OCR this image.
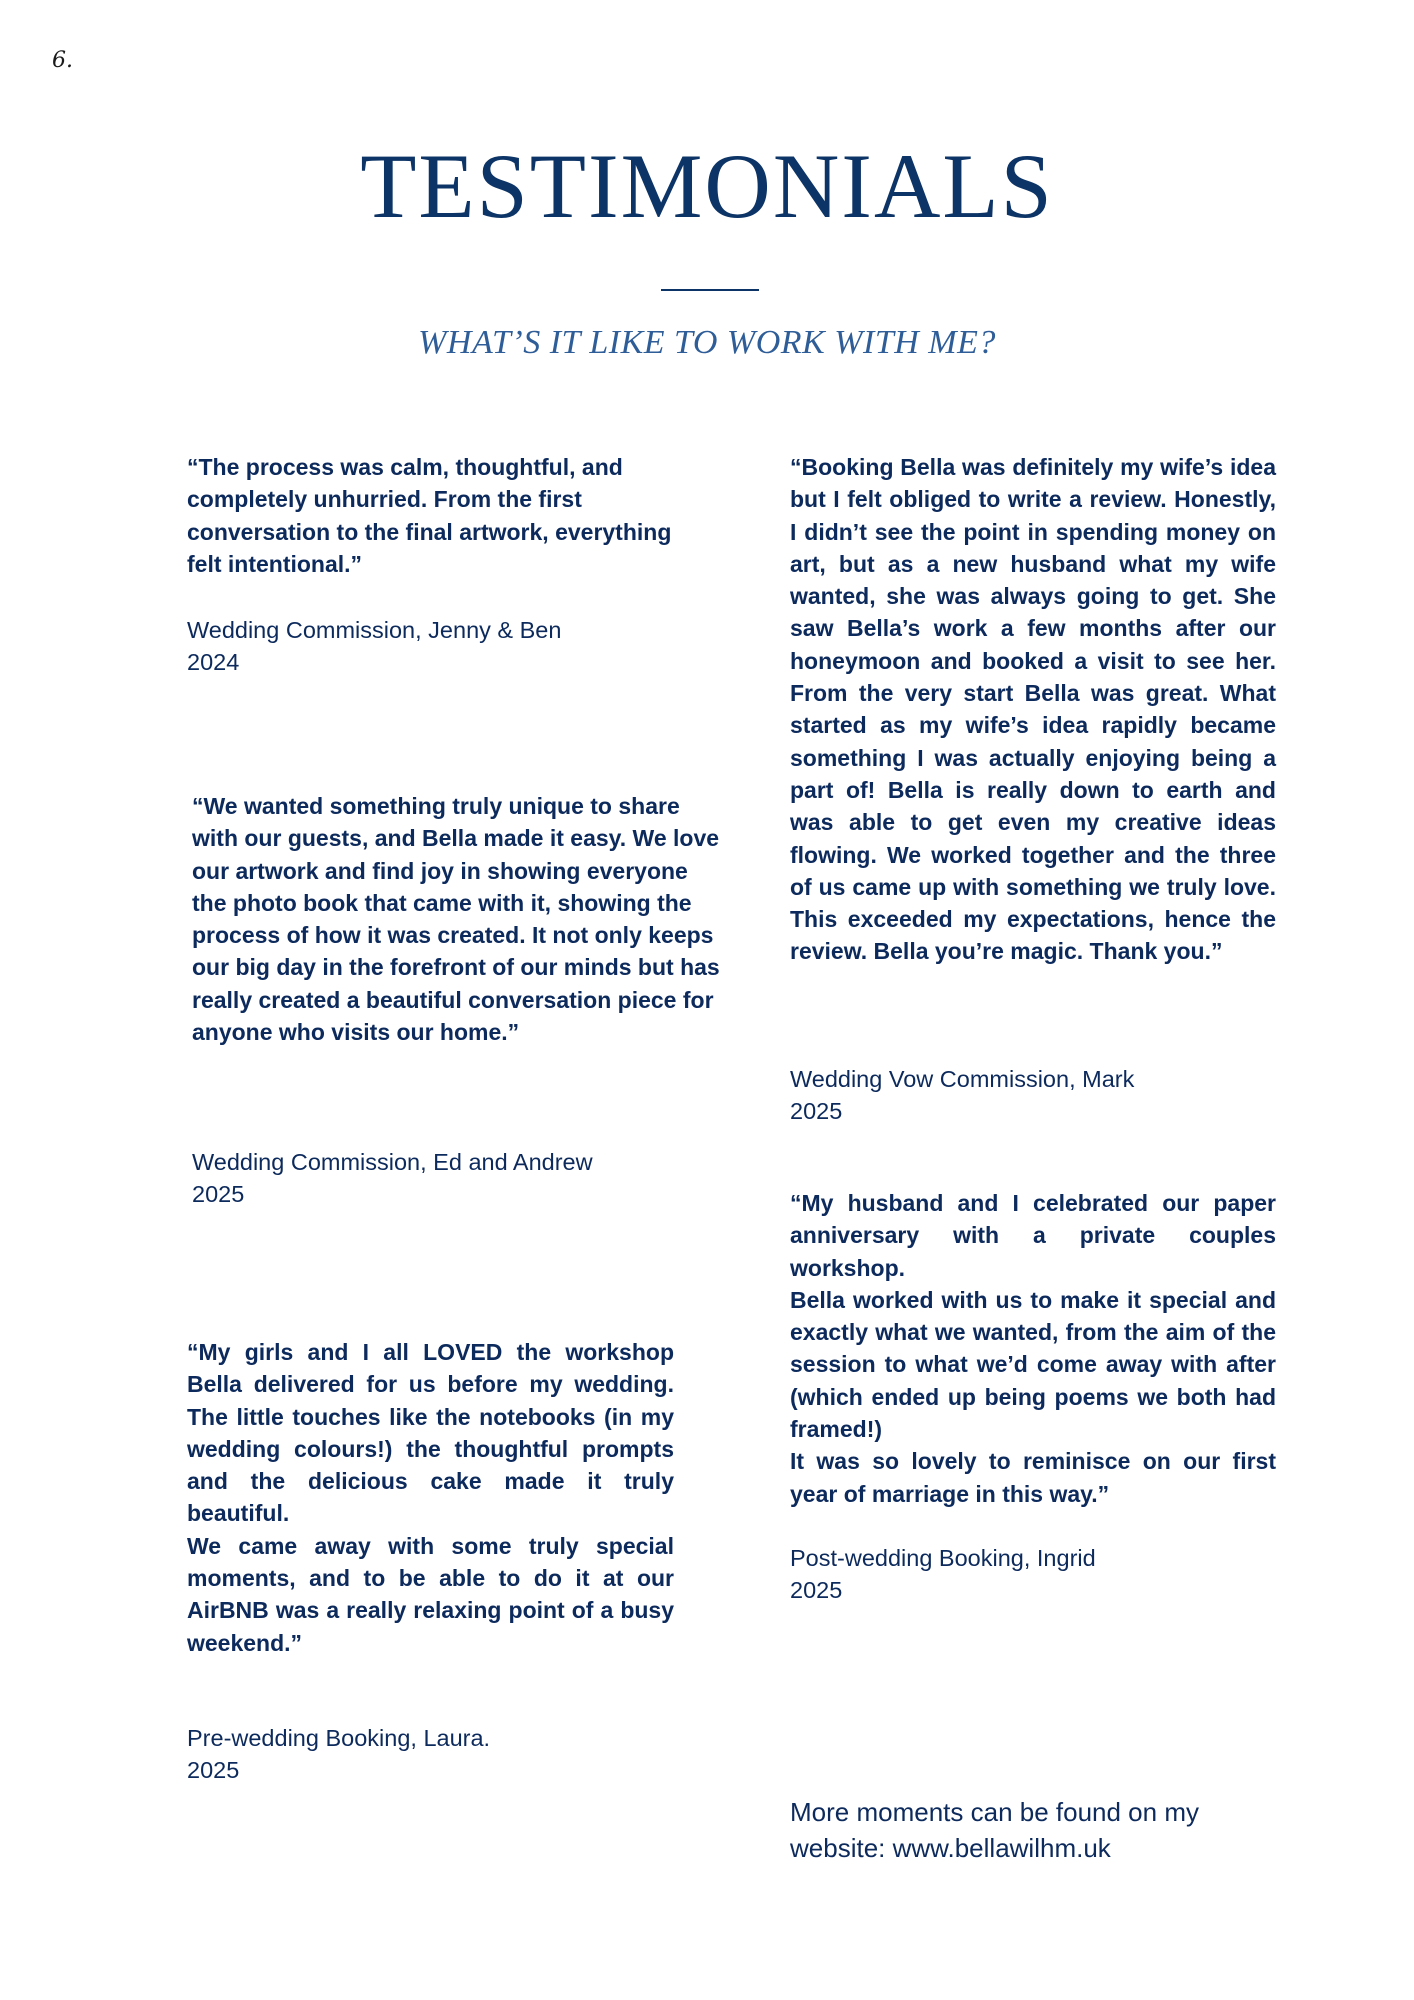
6.
TESTIMONIALS
WHAT’S IT LIKE TO WORK WITH ME?
“The process was calm, thoughtful, and completely unhurried. From the first conversation to the final artwork, everything felt intentional.”
Wedding Commission, Jenny & Ben
2024
“We wanted something truly unique to share with our guests, and Bella made it easy. We love our artwork and find joy in showing everyone the photo book that came with it, showing the process of how it was created. It not only keeps our big day in the forefront of our minds but has really created a beautiful conversation piece for anyone who visits our home.”
Wedding Commission, Ed and Andrew
2025
“My girls and I all LOVED the workshop Bella delivered for us before my wedding. The little touches like the notebooks (in my wedding colours!) the thoughtful prompts and the delicious cake made it truly beautiful.
We came away with some truly special moments, and to be able to do it at our AirBNB was a really relaxing point of a busy weekend.”
Pre-wedding Booking, Laura.
2025
“Booking Bella was definitely my wife’s idea but I felt obliged to write a review. Honestly, I didn’t see the point in spending money on art, but as a new husband what my wife wanted, she was always going to get. She saw Bella’s work a few months after our honeymoon and booked a visit to see her. From the very start Bella was great. What started as my wife’s idea rapidly became something I was actually enjoying being a part of! Bella is really down to earth and was able to get even my creative ideas flowing. We worked together and the three of us came up with something we truly love. This exceeded my expectations, hence the review. Bella you’re magic. Thank you.”
Wedding Vow Commission, Mark
2025
“My husband and I celebrated our paper anniversary with a private couples workshop.
Bella worked with us to make it special and exactly what we wanted, from the aim of the session to what we’d come away with after (which ended up being poems we both had framed!)
It was so lovely to reminisce on our first year of marriage in this way.”
Post-wedding Booking, Ingrid
2025
More moments can be found on my
website: www.bellawilhm.uk
